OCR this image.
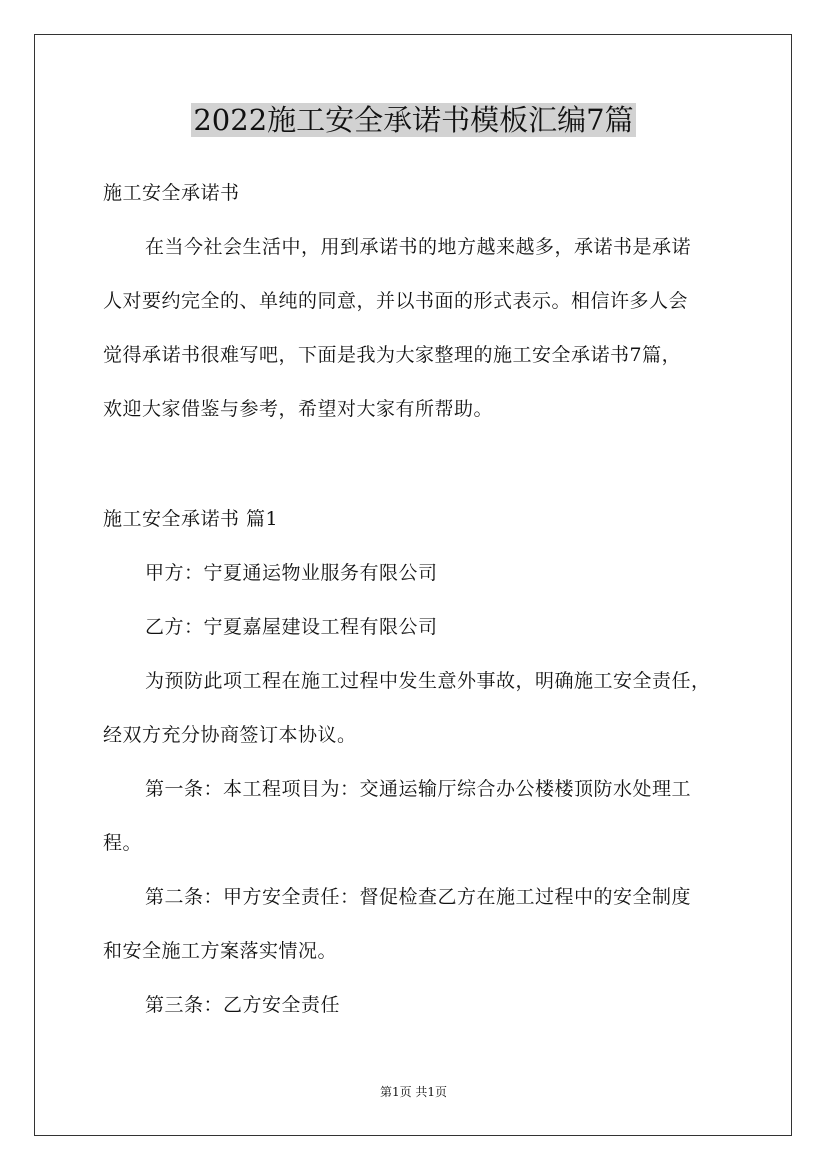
2022施工安全承诺书模板汇编7篇
施工安全承诺书
在当今社会生活中，用到承诺书的地方越来越多，承诺书是承诺
人对要约完全的、单纯的同意，并以书面的形式表示。相信许多人会
觉得承诺书很难写吧，下面是我为大家整理的施工安全承诺书7篇，
欢迎大家借鉴与参考，希望对大家有所帮助。
施工安全承诺书 篇1
甲方：宁夏通运物业服务有限公司
乙方：宁夏嘉屋建设工程有限公司
为预防此项工程在施工过程中发生意外事故，明确施工安全责任，
经双方充分协商签订本协议。
第一条：本工程项目为：交通运输厅综合办公楼楼顶防水处理工
程。
第二条：甲方安全责任：督促检查乙方在施工过程中的安全制度
和安全施工方案落实情况。
第三条：乙方安全责任
第1页 共1页
